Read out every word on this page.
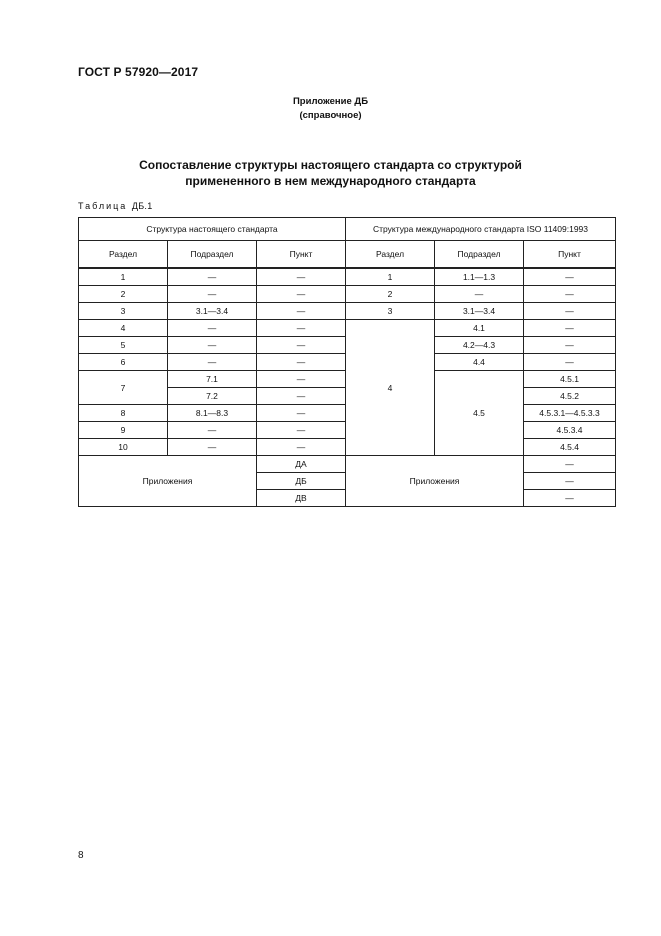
ГОСТ Р 57920—2017
Приложение ДБ
(справочное)
Сопоставление структуры настоящего стандарта со структурой
примененного в нем международного стандарта
Таблица ДБ.1
Структура настоящего стандарта			Структура международного стандарта ISO 11409:1993		
Раздел	Подраздел	Пункт	Раздел	Подраздел	Пункт
1	—	—	1	1.1—1.3	—
2	—	—	2	—	—
3	3.1—3.4	—	3	3.1—3.4	—
4	—	—	4	4.1	—
5	—	—		4.2—4.3	—
6	—	—		4.4	—
7	7.1	—		4.5	4.5.1
	7.2	—			4.5.2
8	8.1—8.3	—			4.5.3.1—4.5.3.3
9	—	—			4.5.3.4
10	—	—			4.5.4
Приложения		ДА	Приложения		—
		ДБ			—
		ДВ			—
8
